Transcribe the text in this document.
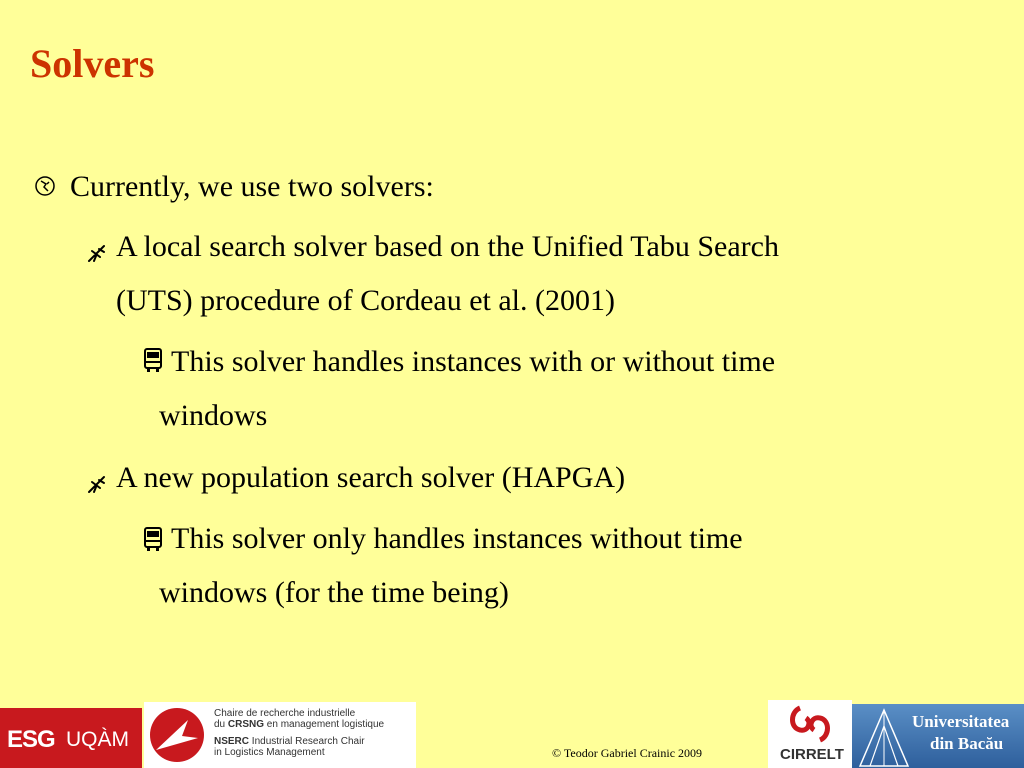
Solvers
Currently, we use two solvers:
A local search solver based on the Unified Tabu Search
(UTS) procedure of Cordeau et al. (2001)
This solver handles instances with or without time
windows
A new population search solver (HAPGA)
This solver only handles instances without time
windows (for the time being)
ESG UQÀM
Chaire de recherche industrielle
du CRSNG en management logistique
NSERC Industrial Research Chair
in Logistics Management	© Teodor Gabriel Crainic 2009	CIRRELT
Universitatea
din Bacău
